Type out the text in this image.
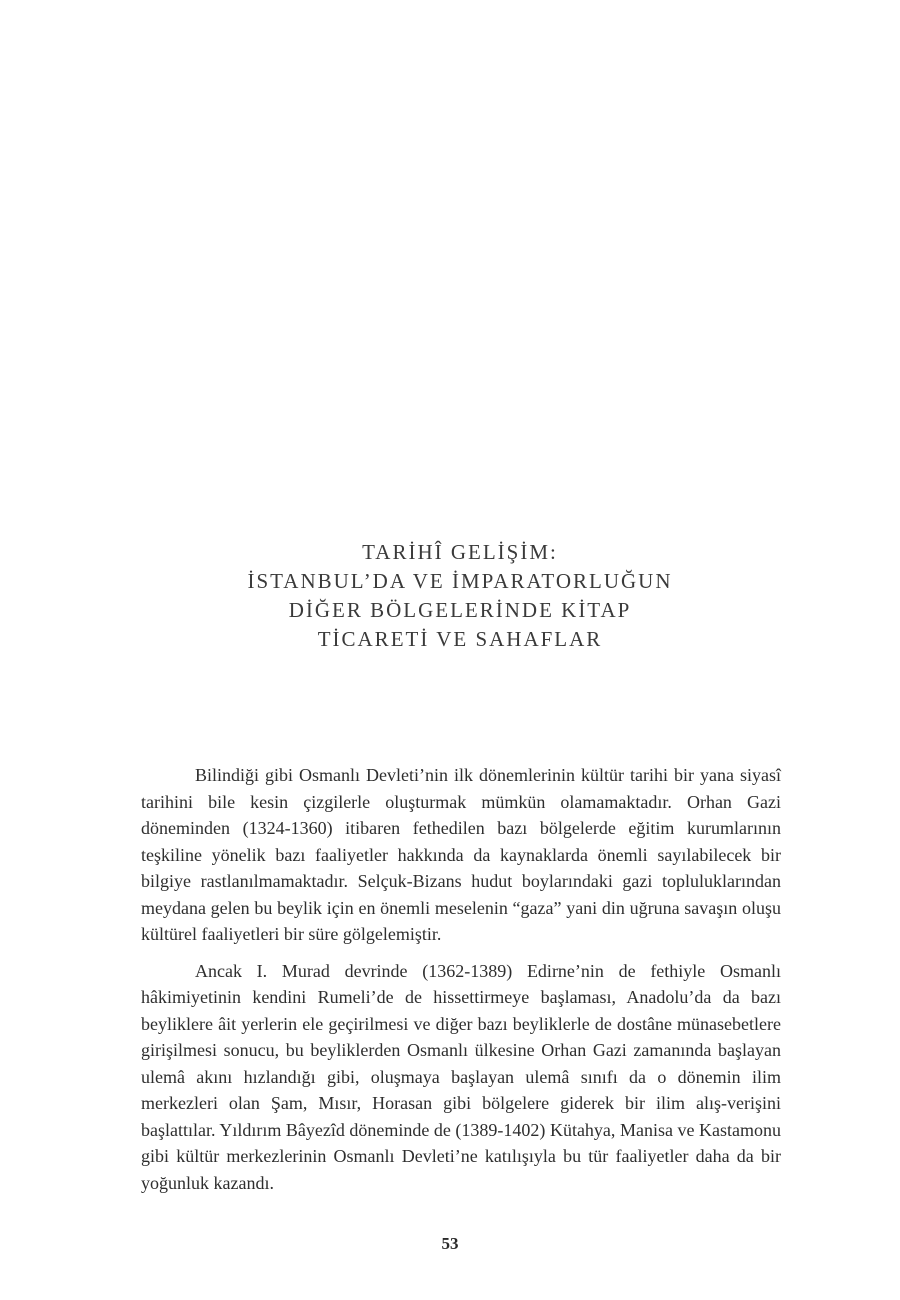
TARİHÎ GELİŞİM:
İSTANBUL’DA VE İMPARATORLUĞUN
DİĞER BÖLGELERİNDE KİTAP
TİCARETİ VE SAHAFLAR

Bilindiği gibi Osmanlı Devleti’nin ilk dönemlerinin kültür tarihi bir yana siyasî tarihini bile kesin çizgilerle oluşturmak mümkün olamamaktadır. Orhan Gazi döneminden (1324-1360) itibaren fethedilen bazı bölgelerde eğitim kurumlarının teşkiline yönelik bazı faaliyetler hakkında da kaynaklarda önemli sayılabilecek bir bilgiye rastlanılmamaktadır. Selçuk-Bizans hudut boylarındaki gazi topluluklarından meydana gelen bu beylik için en önemli meselenin “gaza” yani din uğruna savaşın oluşu kültürel faaliyetleri bir süre gölgelemiştir.

Ancak I. Murad devrinde (1362-1389) Edirne’nin de fethiyle Osmanlı hâkimiyetinin kendini Rumeli’de de hissettirmeye başlaması, Anadolu’da da bazı beyliklere âit yerlerin ele geçirilmesi ve diğer bazı beyliklerle de dostâne münasebetlere girişilmesi sonucu, bu beyliklerden Osmanlı ülkesine Orhan Gazi zamanında başlayan ulemâ akını hızlandığı gibi, oluşmaya başlayan ulemâ sınıfı da o dönemin ilim merkezleri olan Şam, Mısır, Horasan gibi bölgelere giderek bir ilim alış-verişini başlattılar. Yıldırım Bâyezîd döneminde de (1389-1402) Kütahya, Manisa ve Kastamonu gibi kültür merkezlerinin Osmanlı Devleti’ne katılışıyla bu tür faaliyetler daha da bir yoğunluk kazandı.

53
